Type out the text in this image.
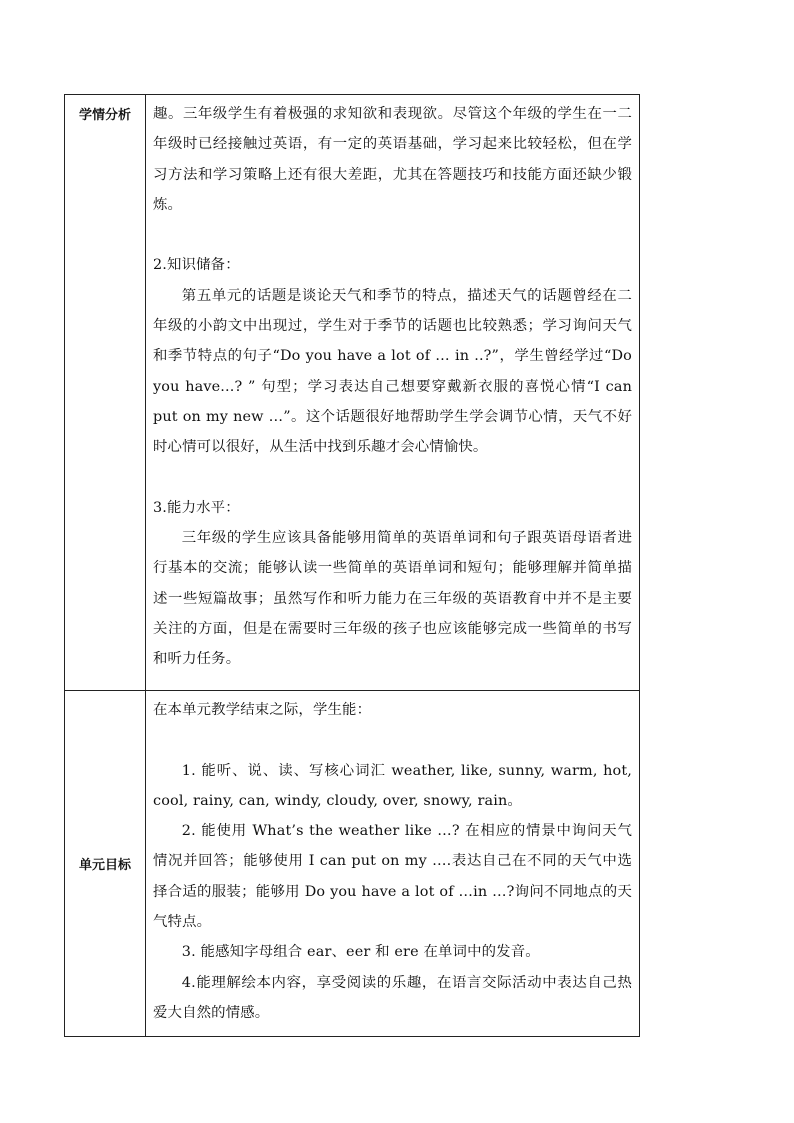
学情分析	趣。三年级学生有着极强的求知欲和表现欲。尽管这个年级的学生在一二年级时已经接触过英语，有一定的英语基础，学习起来比较轻松，但在学习方法和学习策略上还有很大差距，尤其在答题技巧和技能方面还缺少锻炼。

2.知识储备：

第五单元的话题是谈论天气和季节的特点，描述天气的话题曾经在二年级的小韵文中出现过，学生对于季节的话题也比较熟悉；学习询问天气和季节特点的句子“Do you have a lot of … in ..?”，学生曾经学过“Do you have...? ” 句型；学习表达自己想要穿戴新衣服的喜悦心情“I can put on my new …”。这个话题很好地帮助学生学会调节心情，天气不好时心情可以很好，从生活中找到乐趣才会心情愉快。

3.能力水平：

三年级的学生应该具备能够用简单的英语单词和句子跟英语母语者进行基本的交流；能够认读一些简单的英语单词和短句；能够理解并简单描述一些短篇故事；虽然写作和听力能力在三年级的英语教育中并不是主要关注的方面，但是在需要时三年级的孩子也应该能够完成一些简单的书写和听力任务。

单元目标	在本单元教学结束之际，学生能：

1. 能听、说、读、写核心词汇 weather, like, sunny, warm, hot, cool, rainy, can, windy, cloudy, over, snowy, rain。

2. 能使用 What’s the weather like …? 在相应的情景中询问天气情况并回答；能够使用 I can put on my ….表达自己在不同的天气中选择合适的服装；能够用 Do you have a lot of …in …?询问不同地点的天气特点。

3. 能感知字母组合 ear、eer 和 ere 在单词中的发音。

4.能理解绘本内容，享受阅读的乐趣，在语言交际活动中表达自己热爱大自然的情感。
